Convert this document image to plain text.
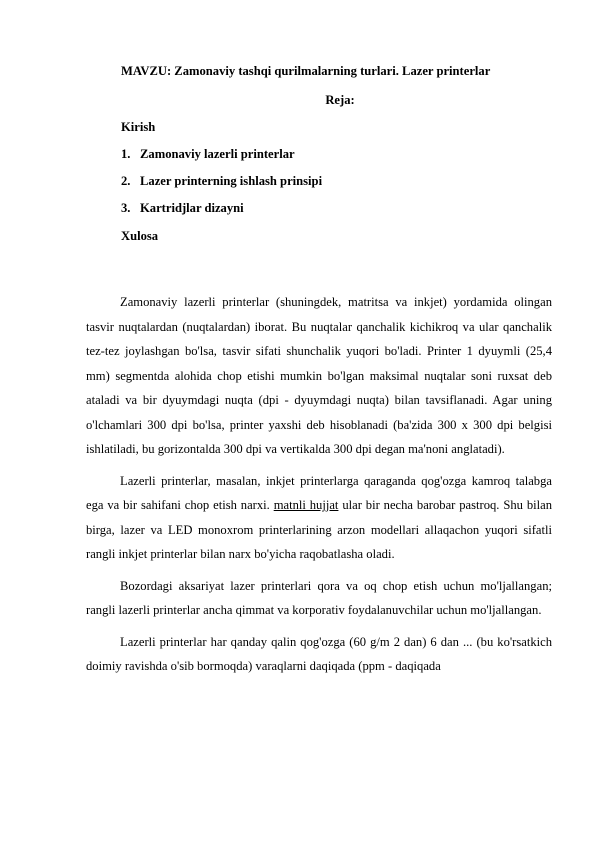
MAVZU: Zamonaviy tashqi qurilmalarning turlari. Lazer printerlar
Reja:
Kirish
1. Zamonaviy lazerli printerlar
2. Lazer printerning ishlash prinsipi
3. Kartridjlar dizayni
Xulosa

Zamonaviy lazerli printerlar (shuningdek, matritsa va inkjet) yordamida olingan tasvir nuqtalardan (nuqtalardan) iborat. Bu nuqtalar qanchalik kichikroq va ular qanchalik tez-tez joylashgan bo'lsa, tasvir sifati shunchalik yuqori bo'ladi. Printer 1 dyuymli (25,4 mm) segmentda alohida chop etishi mumkin bo'lgan maksimal nuqtalar soni ruxsat deb ataladi va bir dyuymdagi nuqta (dpi - dyuymdagi nuqta) bilan tavsiflanadi. Agar uning o'lchamlari 300 dpi bo'lsa, printer yaxshi deb hisoblanadi (ba'zida 300 x 300 dpi belgisi ishlatiladi, bu gorizontalda 300 dpi va vertikalda 300 dpi degan ma'noni anglatadi).

Lazerli printerlar, masalan, inkjet printerlarga qaraganda qog'ozga kamroq talabga ega va bir sahifani chop etish narxi. matnli hujjat ular bir necha barobar pastroq. Shu bilan birga, lazer va LED monoxrom printerlarining arzon modellari allaqachon yuqori sifatli rangli inkjet printerlar bilan narx bo'yicha raqobatlasha oladi.

Bozordagi aksariyat lazer printerlari qora va oq chop etish uchun mo'ljallangan; rangli lazerli printerlar ancha qimmat va korporativ foydalanuvchilar uchun mo'ljallangan.

Lazerli printerlar har qanday qalin qog'ozga (60 g/m 2 dan) 6 dan ... (bu ko'rsatkich doimiy ravishda o'sib bormoqda) varaqlarni daqiqada (ppm - daqiqada
